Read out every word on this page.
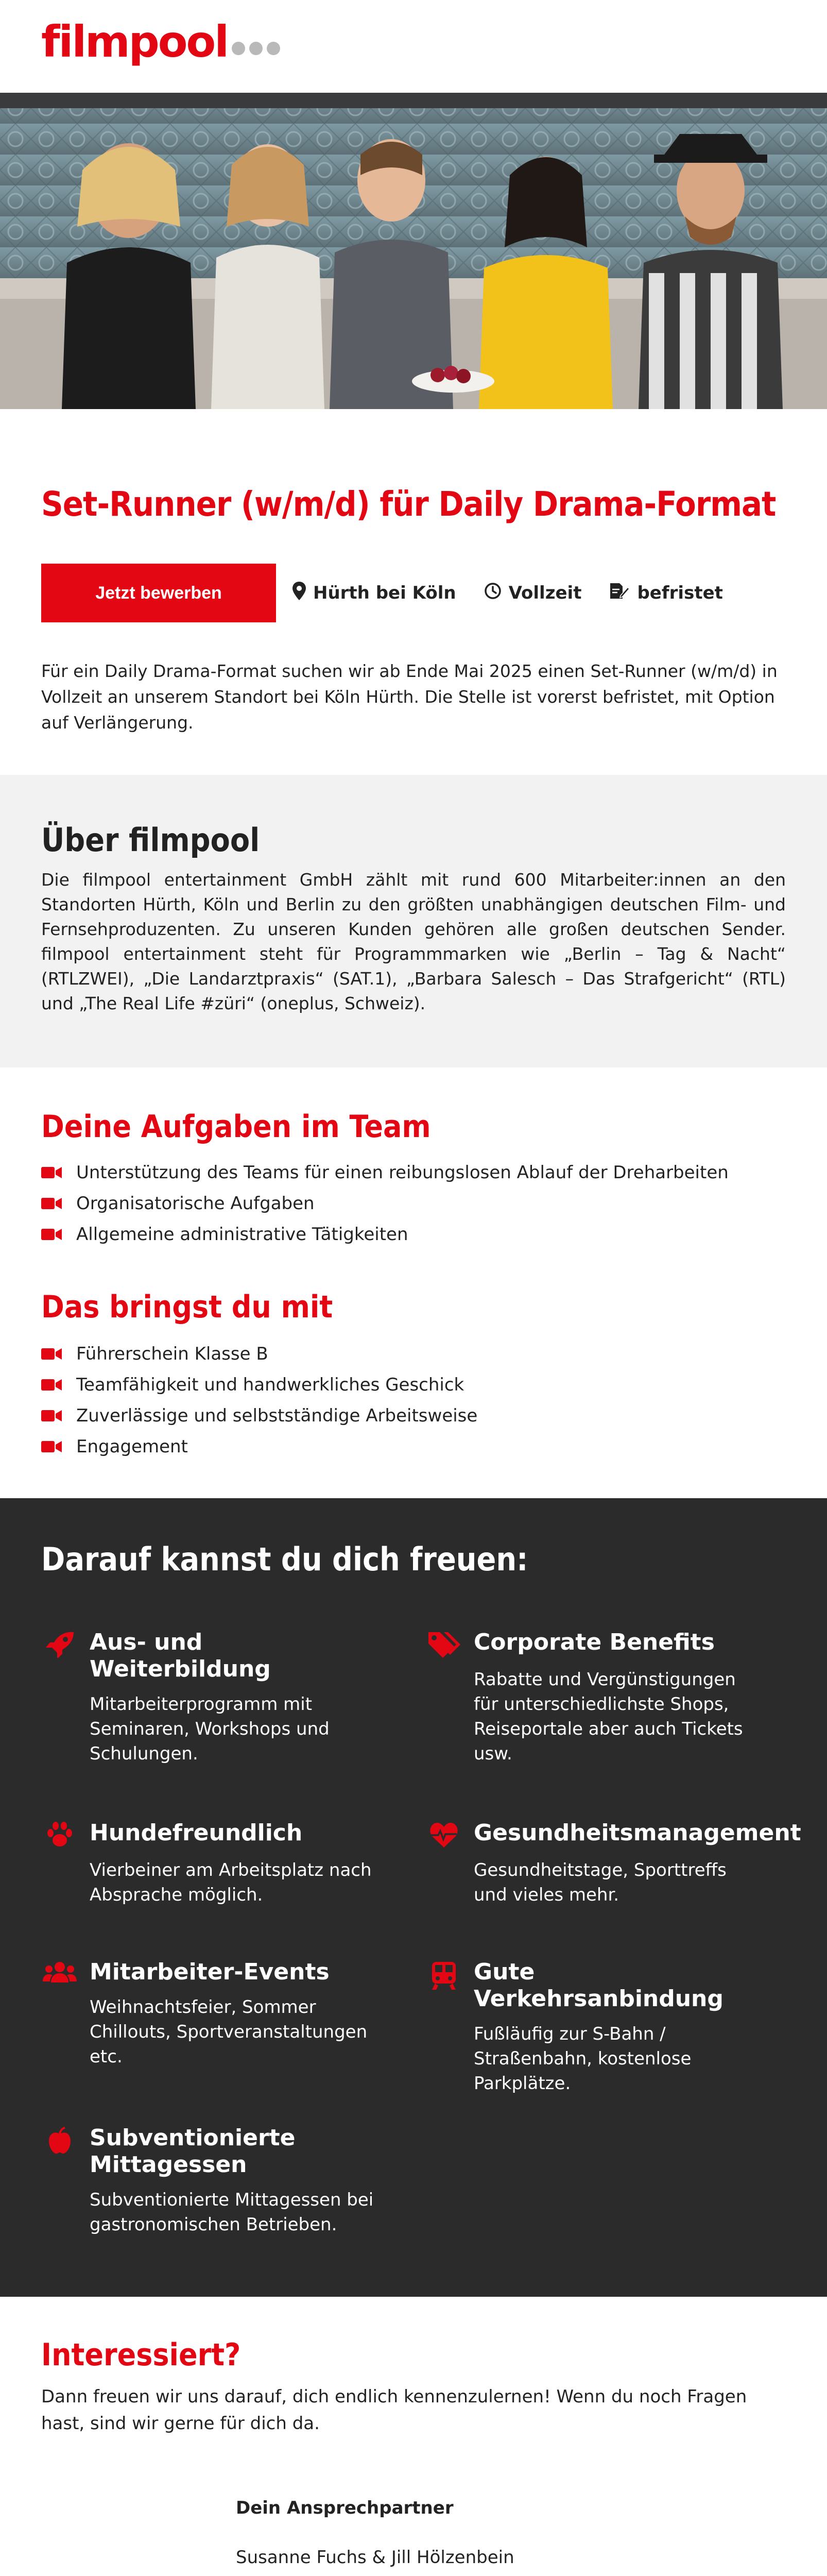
filmpool
Set-Runner (w/m/d) für Daily Drama-Format
Jetzt bewerben	Hürth bei Köln	Vollzeit	befristet

Für ein Daily Drama-Format suchen wir ab Ende Mai 2025 einen Set-Runner (w/m/d) in Vollzeit an unserem Standort bei Köln Hürth. Die Stelle ist vorerst befristet, mit Option auf Verlängerung.

Über filmpool

Die filmpool entertainment GmbH zählt mit rund 600 Mitarbeiter:innen an den Standorten Hürth, Köln und Berlin zu den größten unabhängigen deutschen Film- und Fernsehproduzenten. Zu unseren Kunden gehören alle großen deutschen Sender. filmpool entertainment steht für Programmmarken wie „Berlin – Tag & Nacht“ (RTLZWEI), „Die Landarztpraxis“ (SAT.1), „Barbara Salesch – Das Strafgericht“ (RTL) und „The Real Life #züri“ (oneplus, Schweiz).

Deine Aufgaben im Team
Unterstützung des Teams für einen reibungslosen Ablauf der Dreharbeiten
Organisatorische Aufgaben
Allgemeine administrative Tätigkeiten
Das bringst du mit
Führerschein Klasse B
Teamfähigkeit und handwerkliches Geschick
Zuverlässige und selbstständige Arbeitsweise
Engagement
Darauf kannst du dich freuen:
Aus- und Weiterbildung
Mitarbeiterprogramm mit Seminaren, Workshops und Schulungen.
Corporate Benefits
Rabatte und Vergünstigungen für unterschiedlichste Shops, Reiseportale aber auch Tickets usw.
Hundefreundlich
Vierbeiner am Arbeitsplatz nach Absprache möglich.
Gesundheitsmanagement
Gesundheitstage, Sporttreffs und vieles mehr.
Mitarbeiter-Events
Weihnachtsfeier, Sommer Chillouts, Sportveranstaltungen etc.
Gute Verkehrsanbindung
Fußläufig zur S-Bahn / Straßenbahn, kostenlose Parkplätze.
Subventionierte Mittagessen
Subventionierte Mittagessen bei gastronomischen Betrieben.
Interessiert?

Dann freuen wir uns darauf, dich endlich kennenzulernen! Wenn du noch Fragen hast, sind wir gerne für dich da.

Dein Ansprechpartner
Susanne Fuchs & Jill Hölzenbein
